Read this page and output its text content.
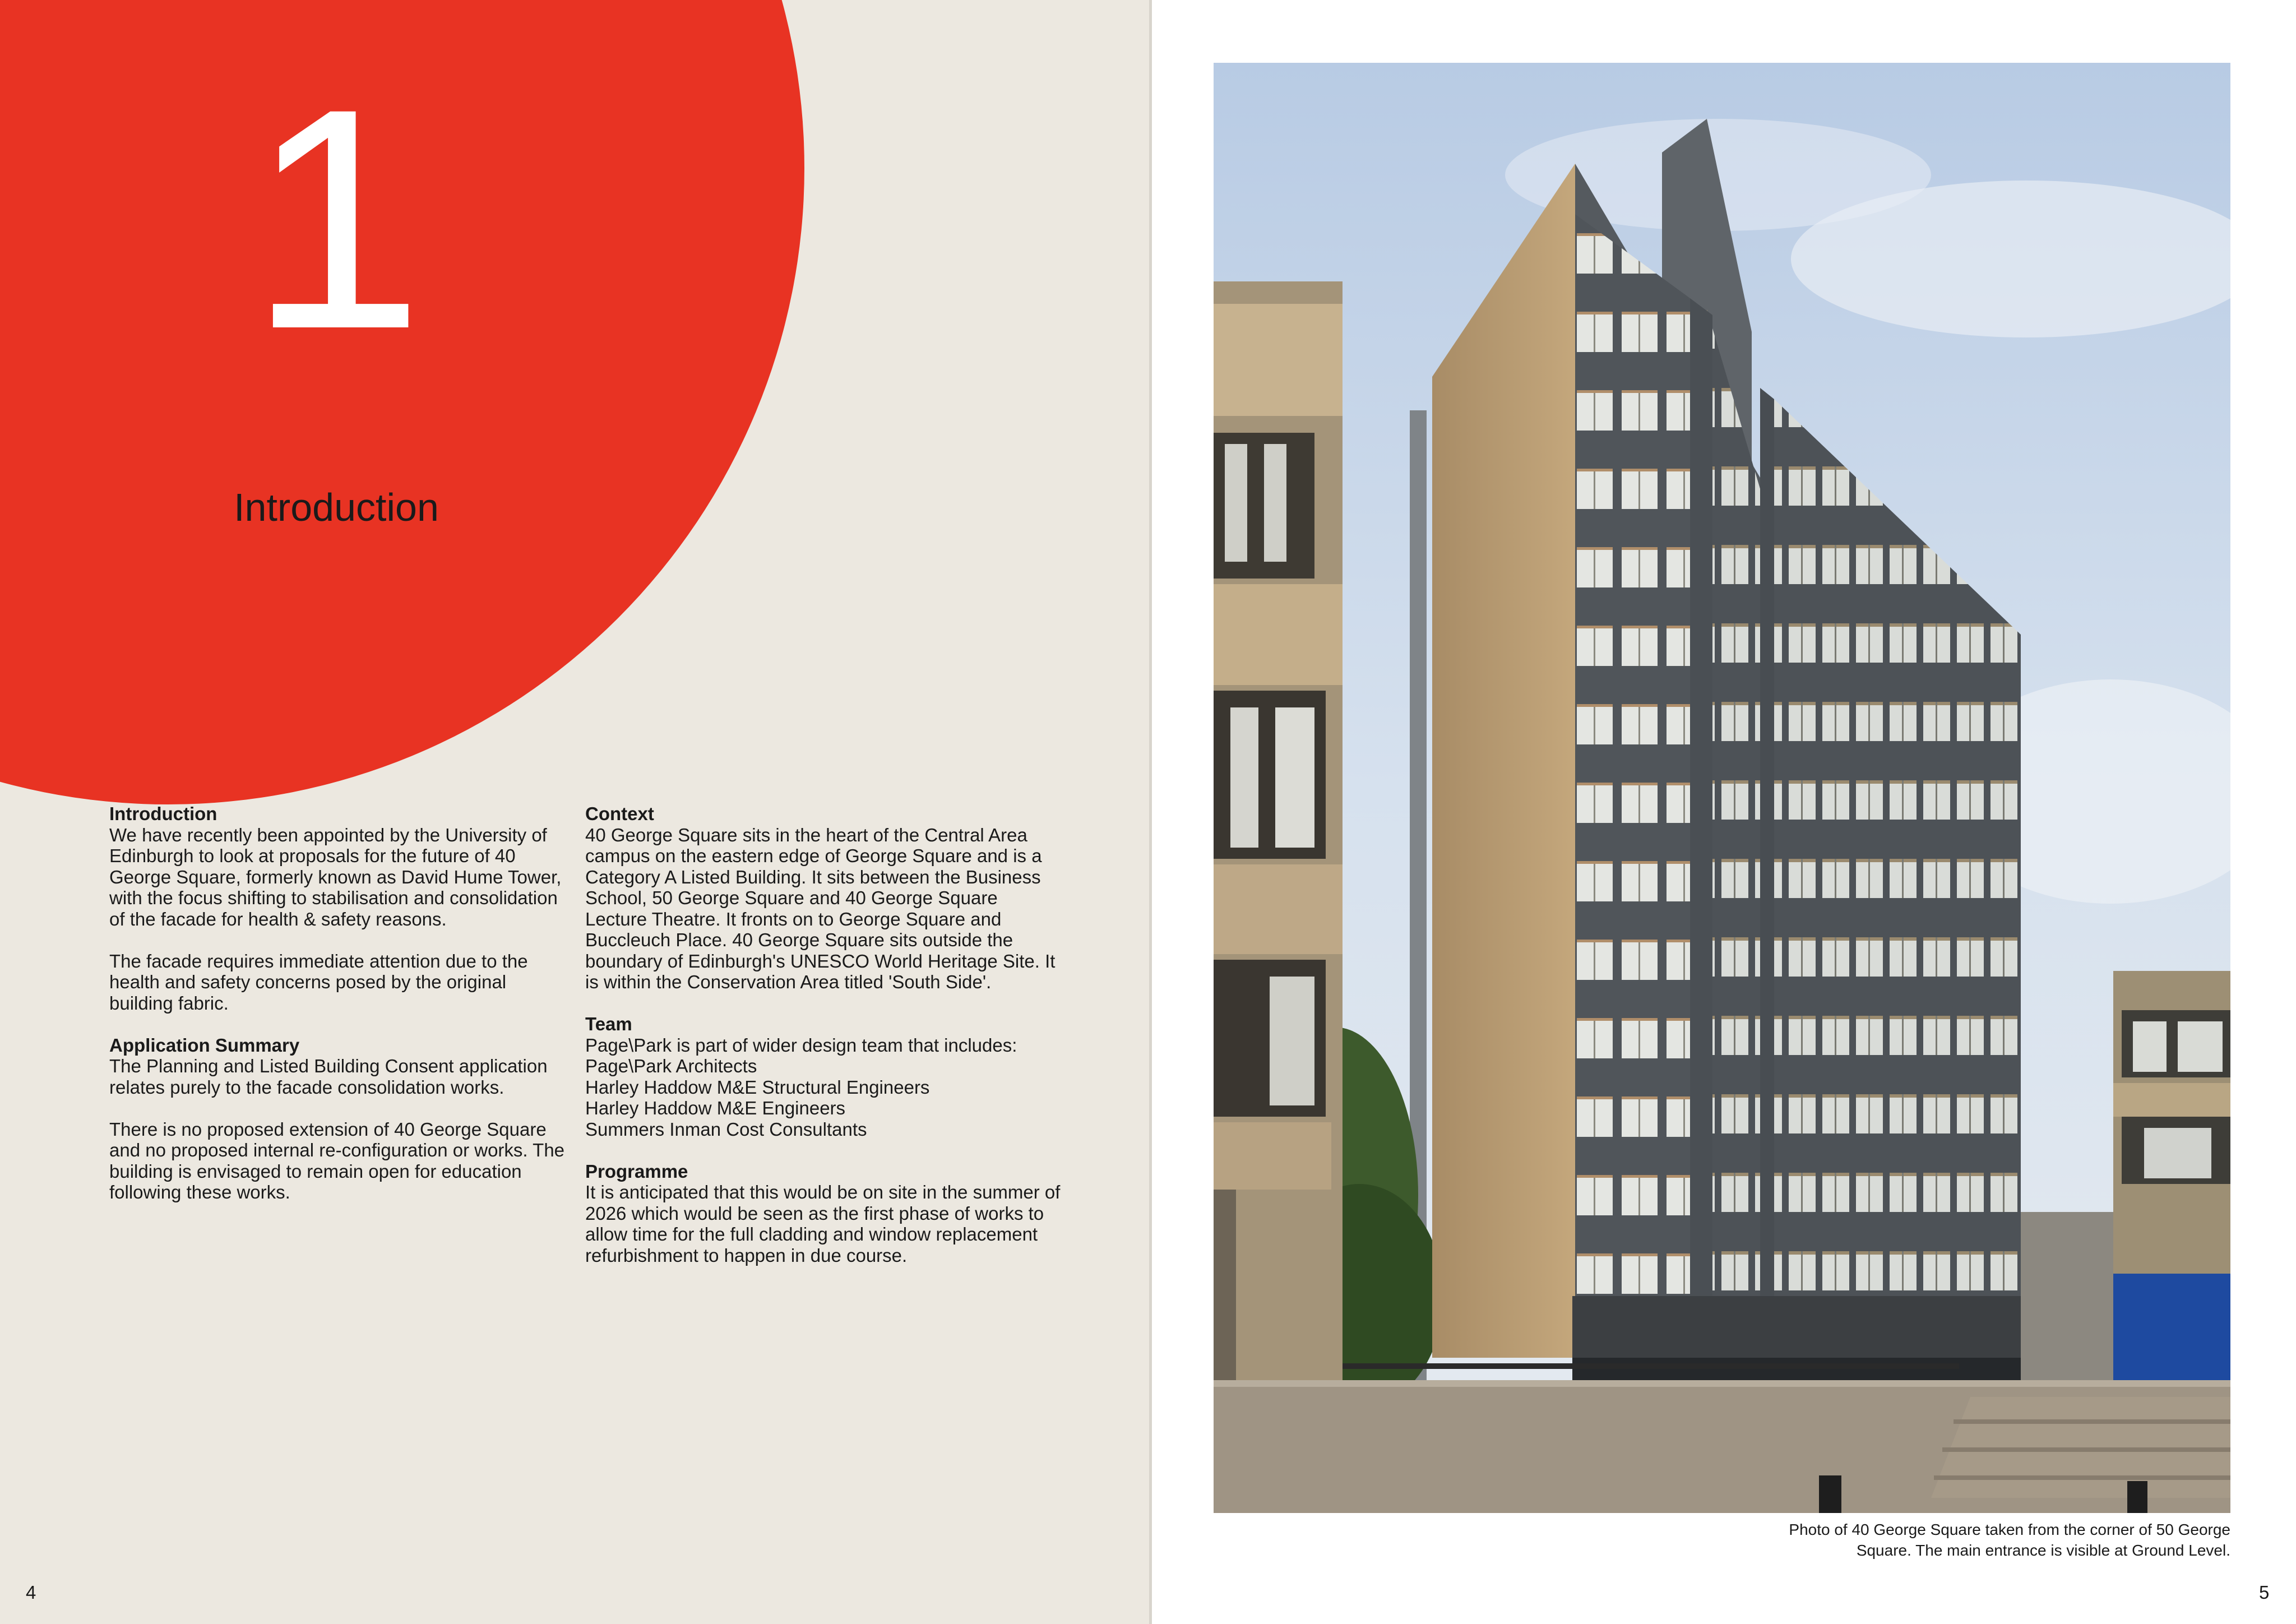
1
Introduction
Introduction

We have recently been appointed by the University of Edinburgh to look at proposals for the future of 40 George Square, formerly known as David Hume Tower, with the focus shifting to stabilisation and consolidation of the facade for health & safety reasons.

The facade requires immediate attention due to the health and safety concerns posed by the original building fabric.

Application Summary

The Planning and Listed Building Consent application relates purely to the facade consolidation works.

There is no proposed extension of 40 George Square and no proposed internal re-configuration or works. The building is envisaged to remain open for education following these works.

Context

40 George Square sits in the heart of the Central Area campus on the eastern edge of George Square and is a Category A Listed Building. It sits between the Business School, 50 George Square and 40 George Square Lecture Theatre. It fronts on to George Square and Buccleuch Place. 40 George Square sits outside the boundary of Edinburgh's UNESCO World Heritage Site. It is within the Conservation Area titled 'South Side'.

Team
Page\Park is part of wider design team that includes:
Page\Park Architects
Harley Haddow M&E Structural Engineers
Harley Haddow M&E Engineers
Summers Inman Cost Consultants
Programme

It is anticipated that this would be on site in the summer of 2026 which would be seen as the first phase of works to allow time for the full cladding and window replacement refurbishment to happen in due course.

4	5
Photo of 40 George Square taken from the corner of 50 George
Square. The main entrance is visible at Ground Level.
